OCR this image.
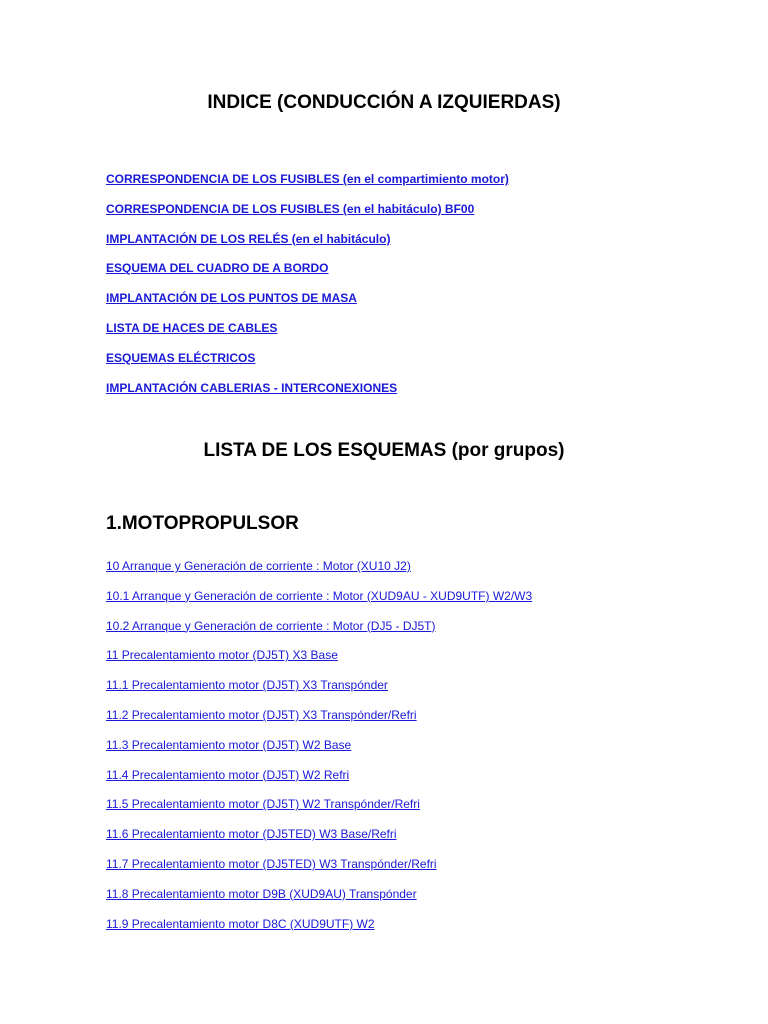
INDICE (CONDUCCIÓN A IZQUIERDAS)
CORRESPONDENCIA DE LOS FUSIBLES (en el compartimiento motor)
CORRESPONDENCIA DE LOS FUSIBLES (en el habitáculo) BF00
IMPLANTACIÓN DE LOS RELÉS (en el habitáculo)
ESQUEMA DEL CUADRO DE A BORDO
IMPLANTACIÓN DE LOS PUNTOS DE MASA
LISTA DE HACES DE CABLES
ESQUEMAS ELÉCTRICOS
IMPLANTACIÓN CABLERIAS - INTERCONEXIONES
LISTA DE LOS ESQUEMAS (por grupos)
1.MOTOPROPULSOR
10 Arranque y Generación de corriente : Motor (XU10 J2)
10.1 Arranque y Generación de corriente : Motor (XUD9AU - XUD9UTF) W2/W3
10.2 Arranque y Generación de corriente : Motor (DJ5 - DJ5T)
11 Precalentamiento motor (DJ5T) X3 Base
11.1 Precalentamiento motor (DJ5T) X3 Transpónder
11.2 Precalentamiento motor (DJ5T) X3 Transpónder/Refri
11.3 Precalentamiento motor (DJ5T) W2 Base
11.4 Precalentamiento motor (DJ5T) W2 Refri
11.5 Precalentamiento motor (DJ5T) W2 Transpónder/Refri
11.6 Precalentamiento motor (DJ5TED) W3 Base/Refri
11.7 Precalentamiento motor (DJ5TED) W3 Transpónder/Refri
11.8 Precalentamiento motor D9B (XUD9AU) Transpónder
11.9 Precalentamiento motor D8C (XUD9UTF) W2
